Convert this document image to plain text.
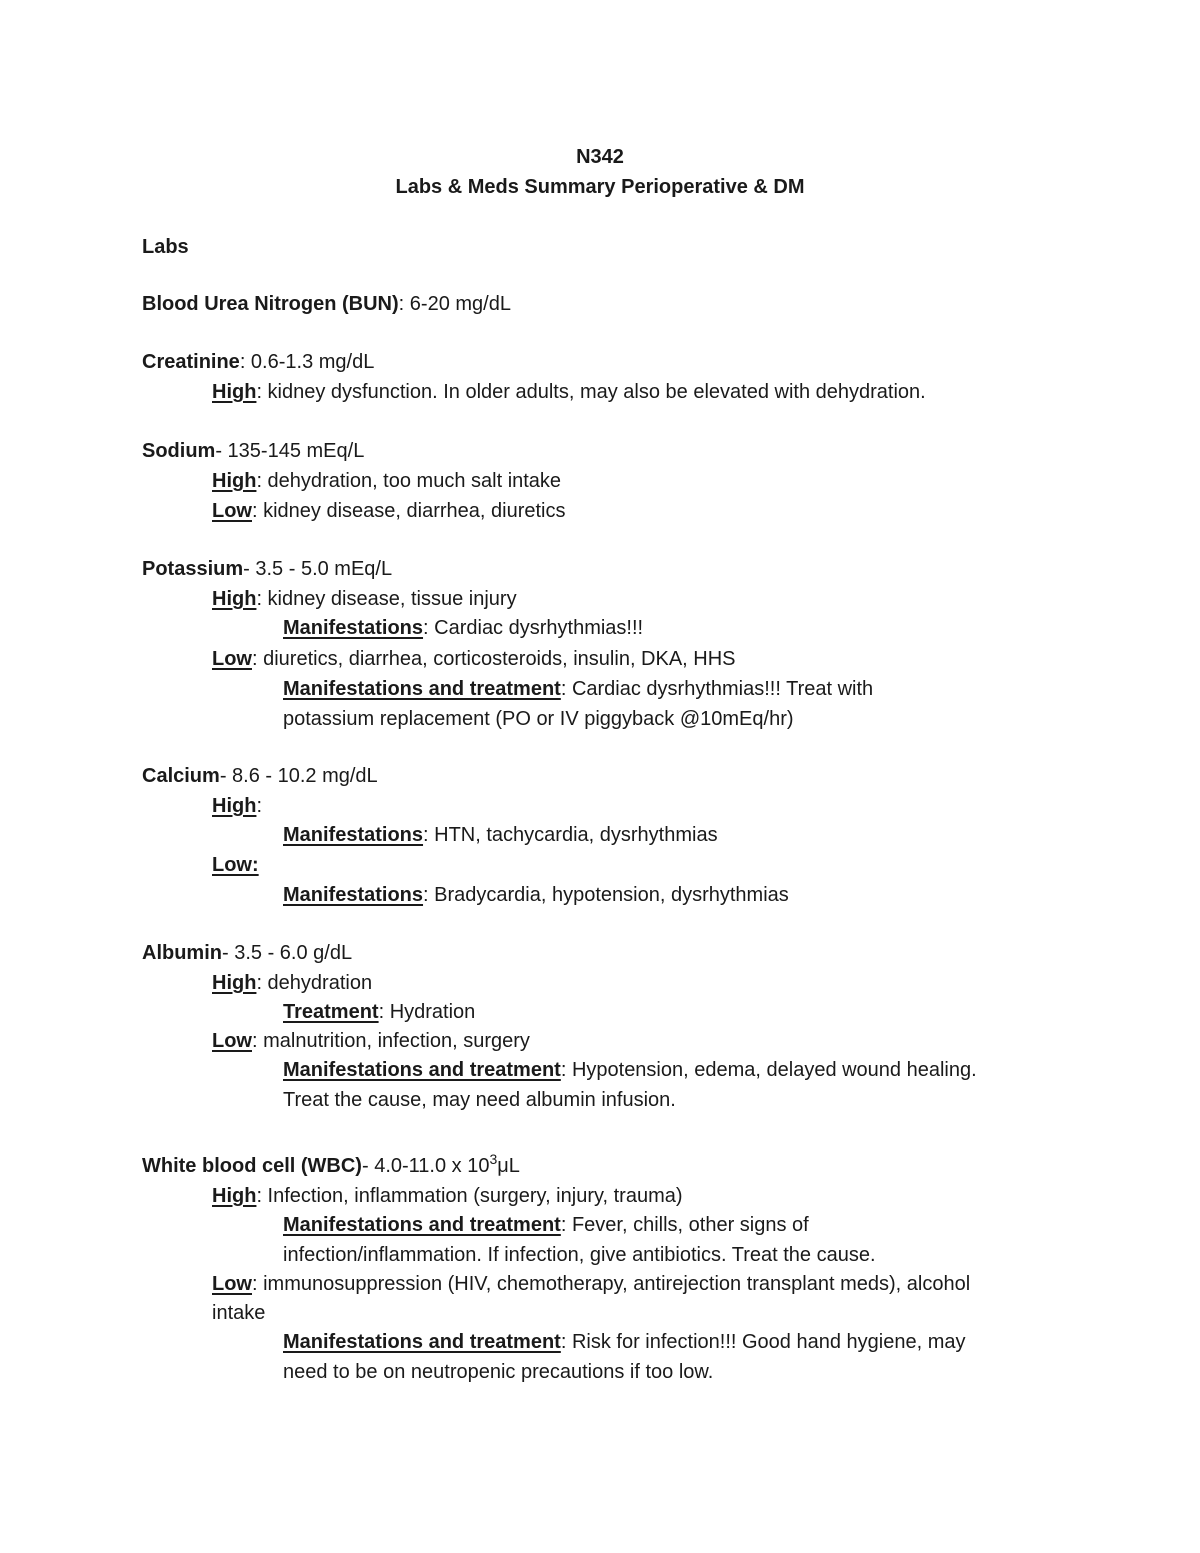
N342
Labs & Meds Summary Perioperative & DM
Labs
Blood Urea Nitrogen (BUN): 6-20 mg/dL
Creatinine: 0.6-1.3 mg/dL
High: kidney dysfunction. In older adults, may also be elevated with dehydration.
Sodium- 135-145 mEq/L
High: dehydration, too much salt intake
Low: kidney disease, diarrhea, diuretics
Potassium- 3.5 - 5.0 mEq/L
High: kidney disease, tissue injury
Manifestations: Cardiac dysrhythmias!!!
Low: diuretics, diarrhea, corticosteroids, insulin, DKA, HHS
Manifestations and treatment: Cardiac dysrhythmias!!! Treat with
potassium replacement (PO or IV piggyback @10mEq/hr)
Calcium- 8.6 - 10.2 mg/dL
High:
Manifestations: HTN, tachycardia, dysrhythmias
Low:
Manifestations: Bradycardia, hypotension, dysrhythmias
Albumin- 3.5 - 6.0 g/dL
High: dehydration
Treatment: Hydration
Low: malnutrition, infection, surgery
Manifestations and treatment: Hypotension, edema, delayed wound healing.
Treat the cause, may need albumin infusion.
White blood cell (WBC)- 4.0-11.0 x $10^3\mu L$
High: Infection, inflammation (surgery, injury, trauma)
Manifestations and treatment: Fever, chills, other signs of
infection/inflammation. If infection, give antibiotics. Treat the cause.
Low: immunosuppression (HIV, chemotherapy, antirejection transplant meds), alcohol
intake
Manifestations and treatment: Risk for infection!!! Good hand hygiene, may
need to be on neutropenic precautions if too low.
